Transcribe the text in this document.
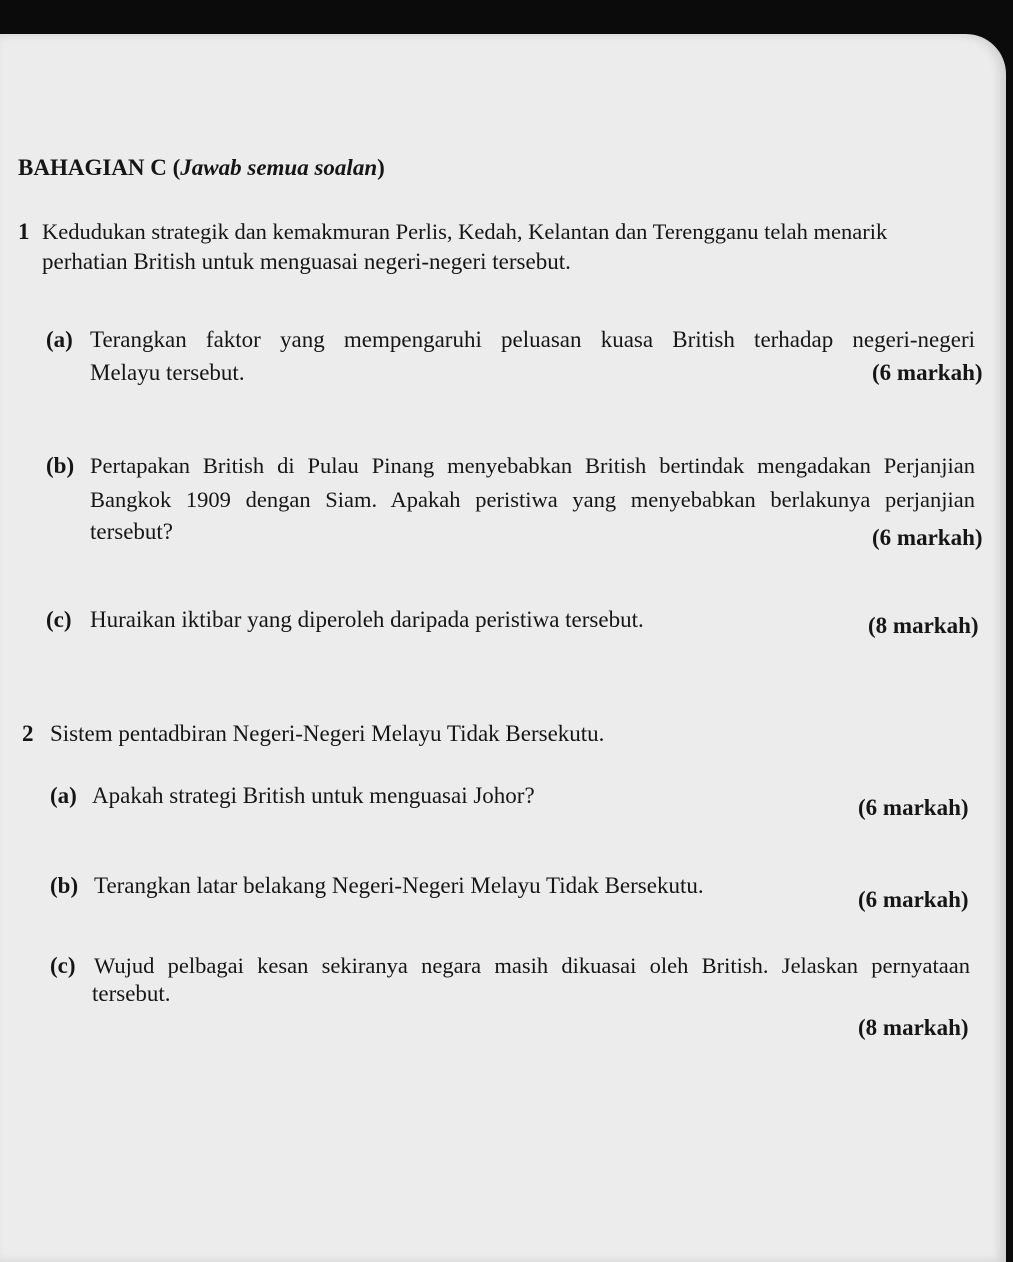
BAHAGIAN C (Jawab semua soalan)
1 Kedudukan strategik dan kemakmuran Perlis, Kedah, Kelantan dan Terengganu telah menarik
perhatian British untuk menguasai negeri-negeri tersebut.
(a) Terangkan faktor yang mempengaruhi peluasan kuasa British terhadap negeri-negeri
Melayu tersebut.	(6 markah)
(b) Pertapakan British di Pulau Pinang menyebabkan British bertindak mengadakan Perjanjian
Bangkok 1909 dengan Siam. Apakah peristiwa yang menyebabkan berlakunya perjanjian
tersebut?	(6 markah)
(c) Huraikan iktibar yang diperoleh daripada peristiwa tersebut.	(8 markah)
2 Sistem pentadbiran Negeri-Negeri Melayu Tidak Bersekutu.
(a) Apakah strategi British untuk menguasai Johor?	(6 markah)
(b) Terangkan latar belakang Negeri-Negeri Melayu Tidak Bersekutu.
(6 markah)
(c) Wujud pelbagai kesan sekiranya negara masih dikuasai oleh British. Jelaskan pernyataan
tersebut.
(8 markah)
